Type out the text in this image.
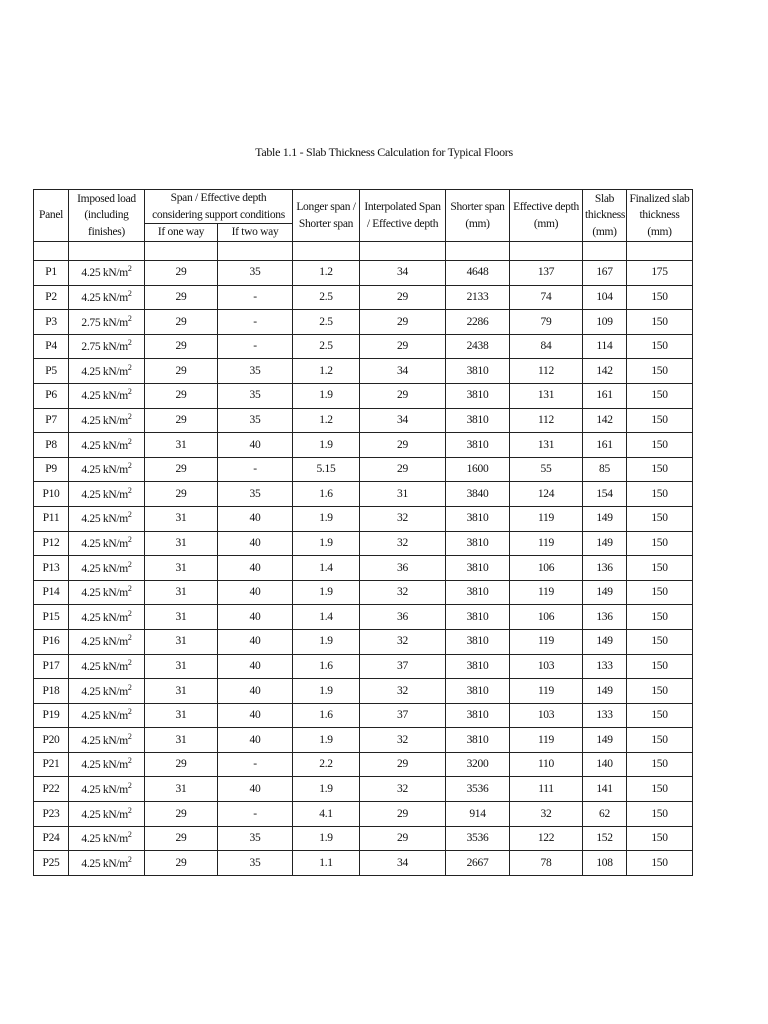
Table 1.1 - Slab Thickness Calculation for Typical Floors
Panel	Imposed load (including finishes)	Span / Effective depth considering support conditions		Longer span / Shorter span	Interpolated Span / Effective depth	Shorter span (mm)	Effective depth (mm)	Slab thickness (mm)	Finalized slab thickness (mm)
		If one way	If two way						

P1	4.25 $kN/m^2$	29	35	1.2	34	4648	137	167	175
P2	4.25 $kN/m^2$	29	-	2.5	29	2133	74	104	150
P3	2.75 $kN/m^2$	29	-	2.5	29	2286	79	109	150
P4	2.75 $kN/m^2$	29	-	2.5	29	2438	84	114	150
P5	4.25 $kN/m^2$	29	35	1.2	34	3810	112	142	150
P6	4.25 $kN/m^2$	29	35	1.9	29	3810	131	161	150
P7	4.25 $kN/m^2$	29	35	1.2	34	3810	112	142	150
P8	4.25 $kN/m^2$	31	40	1.9	29	3810	131	161	150
P9	4.25 $kN/m^2$	29	-	5.15	29	1600	55	85	150
P10	4.25 $kN/m^2$	29	35	1.6	31	3840	124	154	150
P11	4.25 $kN/m^2$	31	40	1.9	32	3810	119	149	150
P12	4.25 $kN/m^2$	31	40	1.9	32	3810	119	149	150
P13	4.25 $kN/m^2$	31	40	1.4	36	3810	106	136	150
P14	4.25 $kN/m^2$	31	40	1.9	32	3810	119	149	150
P15	4.25 $kN/m^2$	31	40	1.4	36	3810	106	136	150
P16	4.25 $kN/m^2$	31	40	1.9	32	3810	119	149	150
P17	4.25 $kN/m^2$	31	40	1.6	37	3810	103	133	150
P18	4.25 $kN/m^2$	31	40	1.9	32	3810	119	149	150
P19	4.25 $kN/m^2$	31	40	1.6	37	3810	103	133	150
P20	4.25 $kN/m^2$	31	40	1.9	32	3810	119	149	150
P21	4.25 $kN/m^2$	29	-	2.2	29	3200	110	140	150
P22	4.25 $kN/m^2$	31	40	1.9	32	3536	111	141	150
P23	4.25 $kN/m^2$	29	-	4.1	29	914	32	62	150
P24	4.25 $kN/m^2$	29	35	1.9	29	3536	122	152	150
P25	4.25 $kN/m^2$	29	35	1.1	34	2667	78	108	150
